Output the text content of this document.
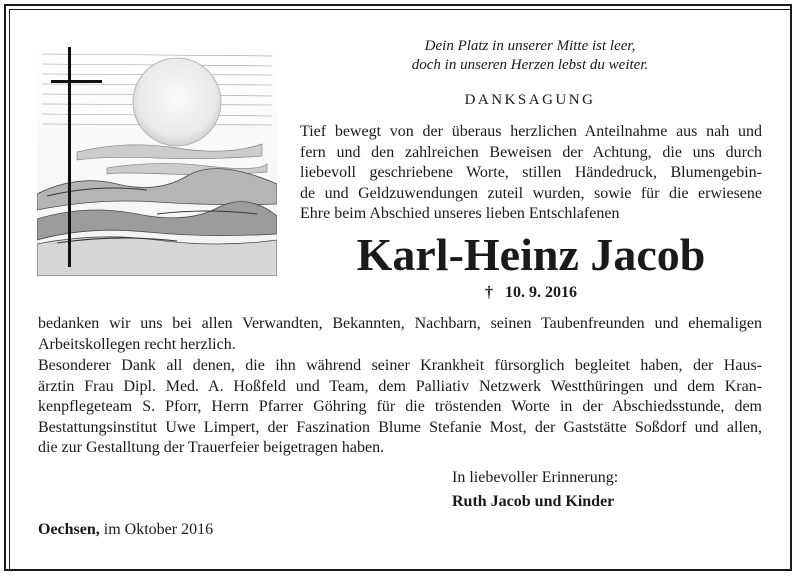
Dein Platz in unserer Mitte ist leer,
doch in unseren Herzen lebst du weiter.
DANKSAGUNG
Tief bewegt von der überaus herzlichen Anteilnahme aus nah und
fern und den zahlreichen Beweisen der Achtung, die uns durch
liebevoll geschriebene Worte, stillen Händedruck, Blumengebin-
de und Geldzuwendungen zuteil wurden, sowie für die erwiesene
Ehre beim Abschied unseres lieben Entschlafenen
Karl-Heinz Jacob
† 10. 9. 2016
bedanken wir uns bei allen Verwandten, Bekannten, Nachbarn, seinen Taubenfreunden und ehemaligen
Arbeitskollegen recht herzlich.
Besonderer Dank all denen, die ihn während seiner Krankheit fürsorglich begleitet haben, der Haus-
ärztin Frau Dipl. Med. A. Hoßfeld und Team, dem Palliativ Netzwerk Westthüringen und dem Kran-
kenpflegeteam S. Pforr, Herrn Pfarrer Göhring für die tröstenden Worte in der Abschiedsstunde, dem
Bestattungsinstitut Uwe Limpert, der Faszination Blume Stefanie Most, der Gaststätte Soßdorf und allen,
die zur Gestalltung der Trauerfeier beigetragen haben.
In liebevoller Erinnerung:
Ruth Jacob und Kinder
Oechsen, im Oktober 2016
